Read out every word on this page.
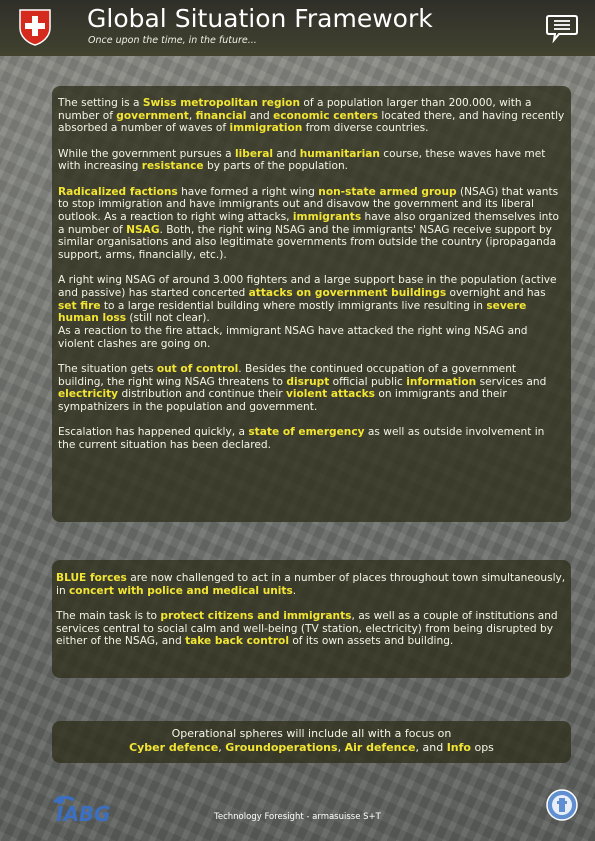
Global Situation Framework
Once upon the time, in the future...

The setting is a Swiss metropolitan region of a population larger than 200.000, with a number of government, financial and economic centers located there, and having recently absorbed a number of waves of immigration from diverse countries.

While the government pursues a liberal and humanitarian course, these waves have met with increasing resistance by parts of the population.

Radicalized factions have formed a right wing non-state armed group (NSAG) that wants to stop immigration and have immigrants out and disavow the government and its liberal outlook. As a reaction to right wing attacks, immigrants have also organized themselves into a number of NSAG. Both, the right wing NSAG and the immigrants' NSAG receive support by similar organisations and also legitimate governments from outside the country (ipropaganda support, arms, financially, etc.).

A right wing NSAG of around 3.000 fighters and a large support base in the population (active and passive) has started concerted attacks on government buildings overnight and has set fire to a large residential building where mostly immigrants live resulting in severe human loss (still not clear).
As a reaction to the fire attack, immigrant NSAG have attacked the right wing NSAG and violent clashes are going on.

The situation gets out of control. Besides the continued occupation of a government building, the right wing NSAG threatens to disrupt official public information services and electricity distribution and continue their violent attacks on immigrants and their sympathizers in the population and government.

Escalation has happened quickly, a state of emergency as well as outside involvement in the current situation has been declared.

BLUE forces are now challenged to act in a number of places throughout town simultaneously, in concert with police and medical units.

The main task is to protect citizens and immigrants, as well as a couple of institutions and services central to social calm and well-being (TV station, electricity) from being disrupted by either of the NSAG, and take back control of its own assets and building.

Operational spheres will include all with a focus on
Cyber defence, Groundoperations, Air defence, and Info ops
IABG	Technology Foresight - armasuisse S+T
